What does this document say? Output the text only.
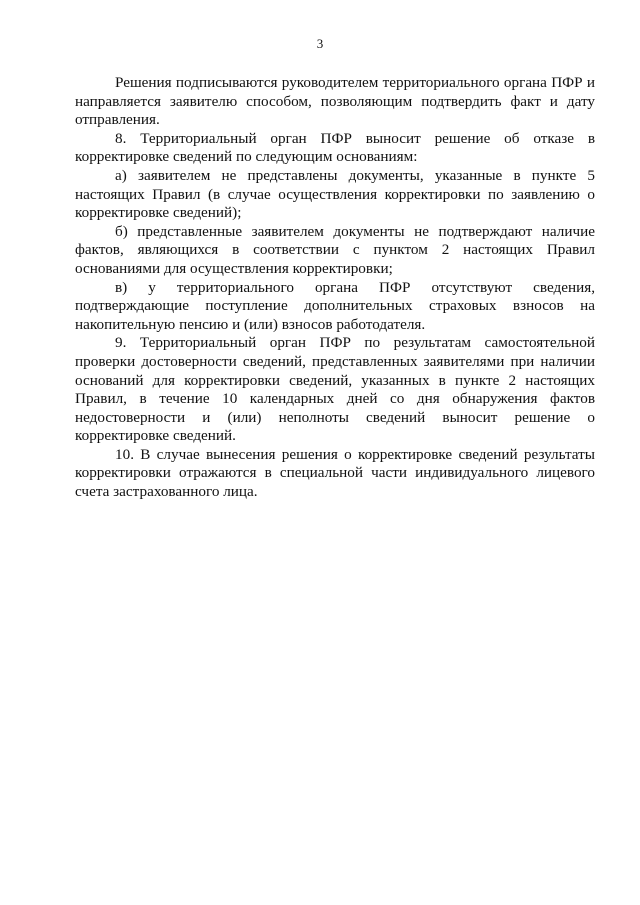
3

Решения подписываются руководителем территориального органа ПФР и направляется заявителю способом, позволяющим подтвердить факт и дату отправления.

8. Территориальный орган ПФР выносит решение об отказе в корректировке сведений по следующим основаниям:

а) заявителем не представлены документы, указанные в пункте 5 настоящих Правил (в случае осуществления корректировки по заявлению о корректировке сведений);

б) представленные заявителем документы не подтверждают наличие фактов, являющихся в соответствии с пунктом 2 настоящих Правил основаниями для осуществления корректировки;

в) у территориального органа ПФР отсутствуют сведения, подтверждающие поступление дополнительных страховых взносов на накопительную пенсию и (или) взносов работодателя.

9. Территориальный орган ПФР по результатам самостоятельной проверки достоверности сведений, представленных заявителями при наличии оснований для корректировки сведений, указанных в пункте 2 настоящих Правил, в течение 10 календарных дней со дня обнаружения фактов недостоверности и (или) неполноты сведений выносит решение о корректировке сведений.

10. В случае вынесения решения о корректировке сведений результаты корректировки отражаются в специальной части индивидуального лицевого счета застрахованного лица.
